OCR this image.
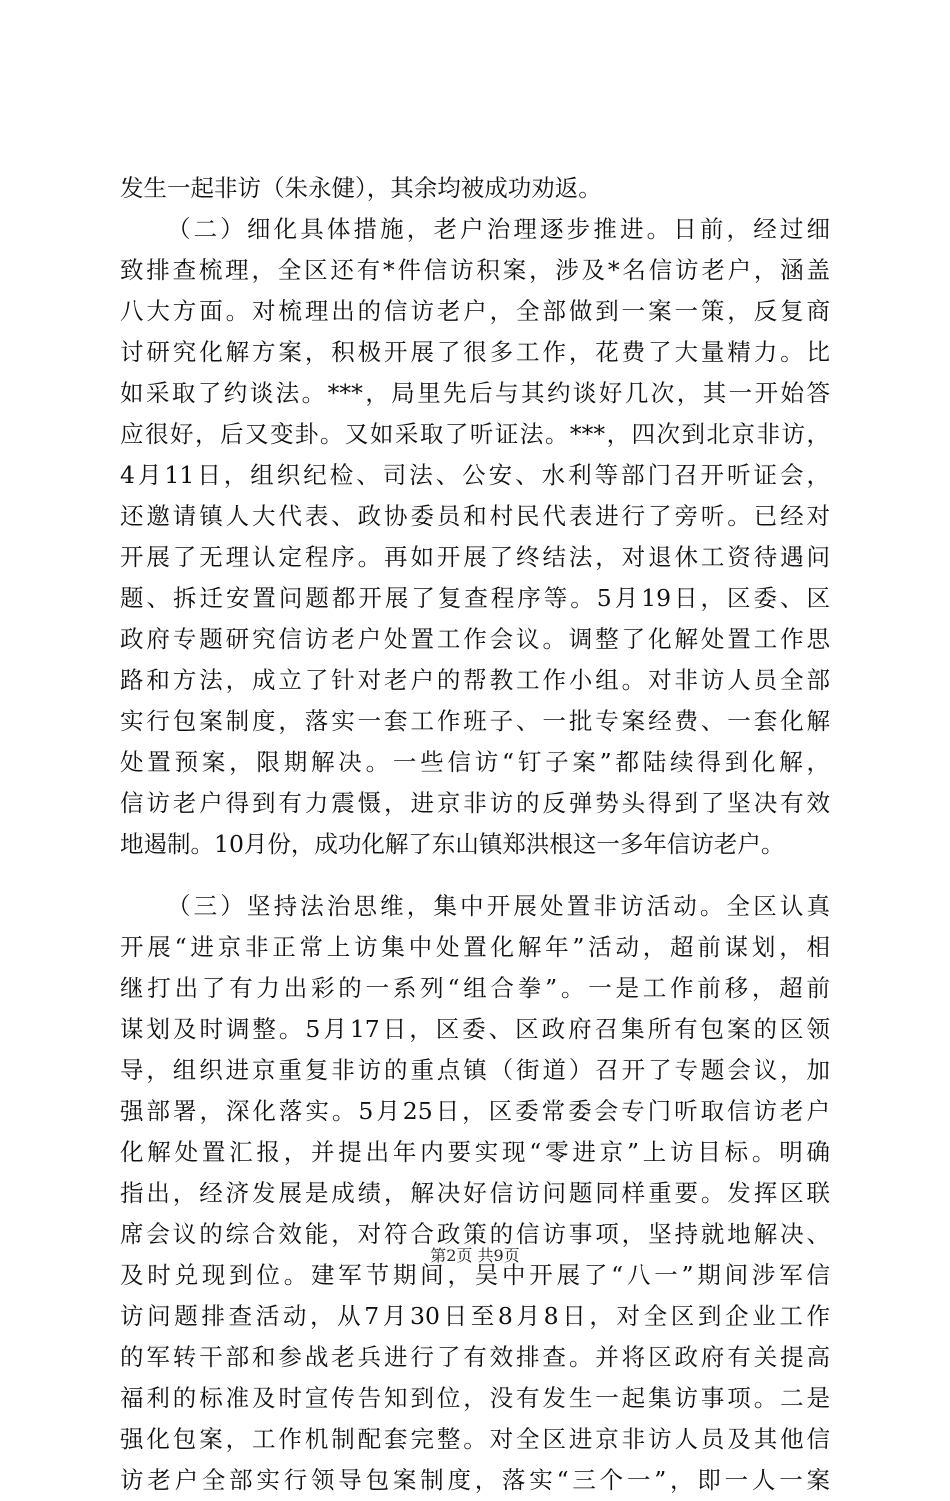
发生一起非访（朱永健），其余均被成功劝返。
（二）细化具体措施，老户治理逐步推进。日前，经过细
致排查梳理，全区还有*件信访积案，涉及*名信访老户，涵盖
八大方面。对梳理出的信访老户，全部做到一案一策，反复商
讨研究化解方案，积极开展了很多工作，花费了大量精力。比
如采取了约谈法。***，局里先后与其约谈好几次，其一开始答
应很好，后又变卦。又如采取了听证法。***，四次到北京非访，
4月11日，组织纪检、司法、公安、水利等部门召开听证会，
还邀请镇人大代表、政协委员和村民代表进行了旁听。已经对
开展了无理认定程序。再如开展了终结法，对退休工资待遇问
题、拆迁安置问题都开展了复查程序等。5月19日，区委、区
政府专题研究信访老户处置工作会议。调整了化解处置工作思
路和方法，成立了针对老户的帮教工作小组。对非访人员全部
实行包案制度，落实一套工作班子、一批专案经费、一套化解
处置预案，限期解决。一些信访“钉子案”都陆续得到化解，
信访老户得到有力震慑，进京非访的反弹势头得到了坚决有效
地遏制。10月份，成功化解了东山镇郑洪根这一多年信访老户。
（三）坚持法治思维，集中开展处置非访活动。全区认真
开展“进京非正常上访集中处置化解年”活动，超前谋划，相
继打出了有力出彩的一系列“组合拳”。一是工作前移，超前
谋划及时调整。5月17日，区委、区政府召集所有包案的区领
导，组织进京重复非访的重点镇（街道）召开了专题会议，加
强部署，深化落实。5月25日，区委常委会专门听取信访老户
化解处置汇报，并提出年内要实现“零进京”上访目标。明确
指出，经济发展是成绩，解决好信访问题同样重要。发挥区联
席会议的综合效能，对符合政策的信访事项，坚持就地解决、
及时兑现到位。建军节期间，吴中开展了“八一”期间涉军信
访问题排查活动，从7月30日至8月8日，对全区到企业工作
的军转干部和参战老兵进行了有效排查。并将区政府有关提高
福利的标准及时宣传告知到位，没有发生一起集访事项。二是
强化包案，工作机制配套完整。对全区进京非访人员及其他信
访老户全部实行领导包案制度，落实“三个一”，即一人一案
第2页 共9页
